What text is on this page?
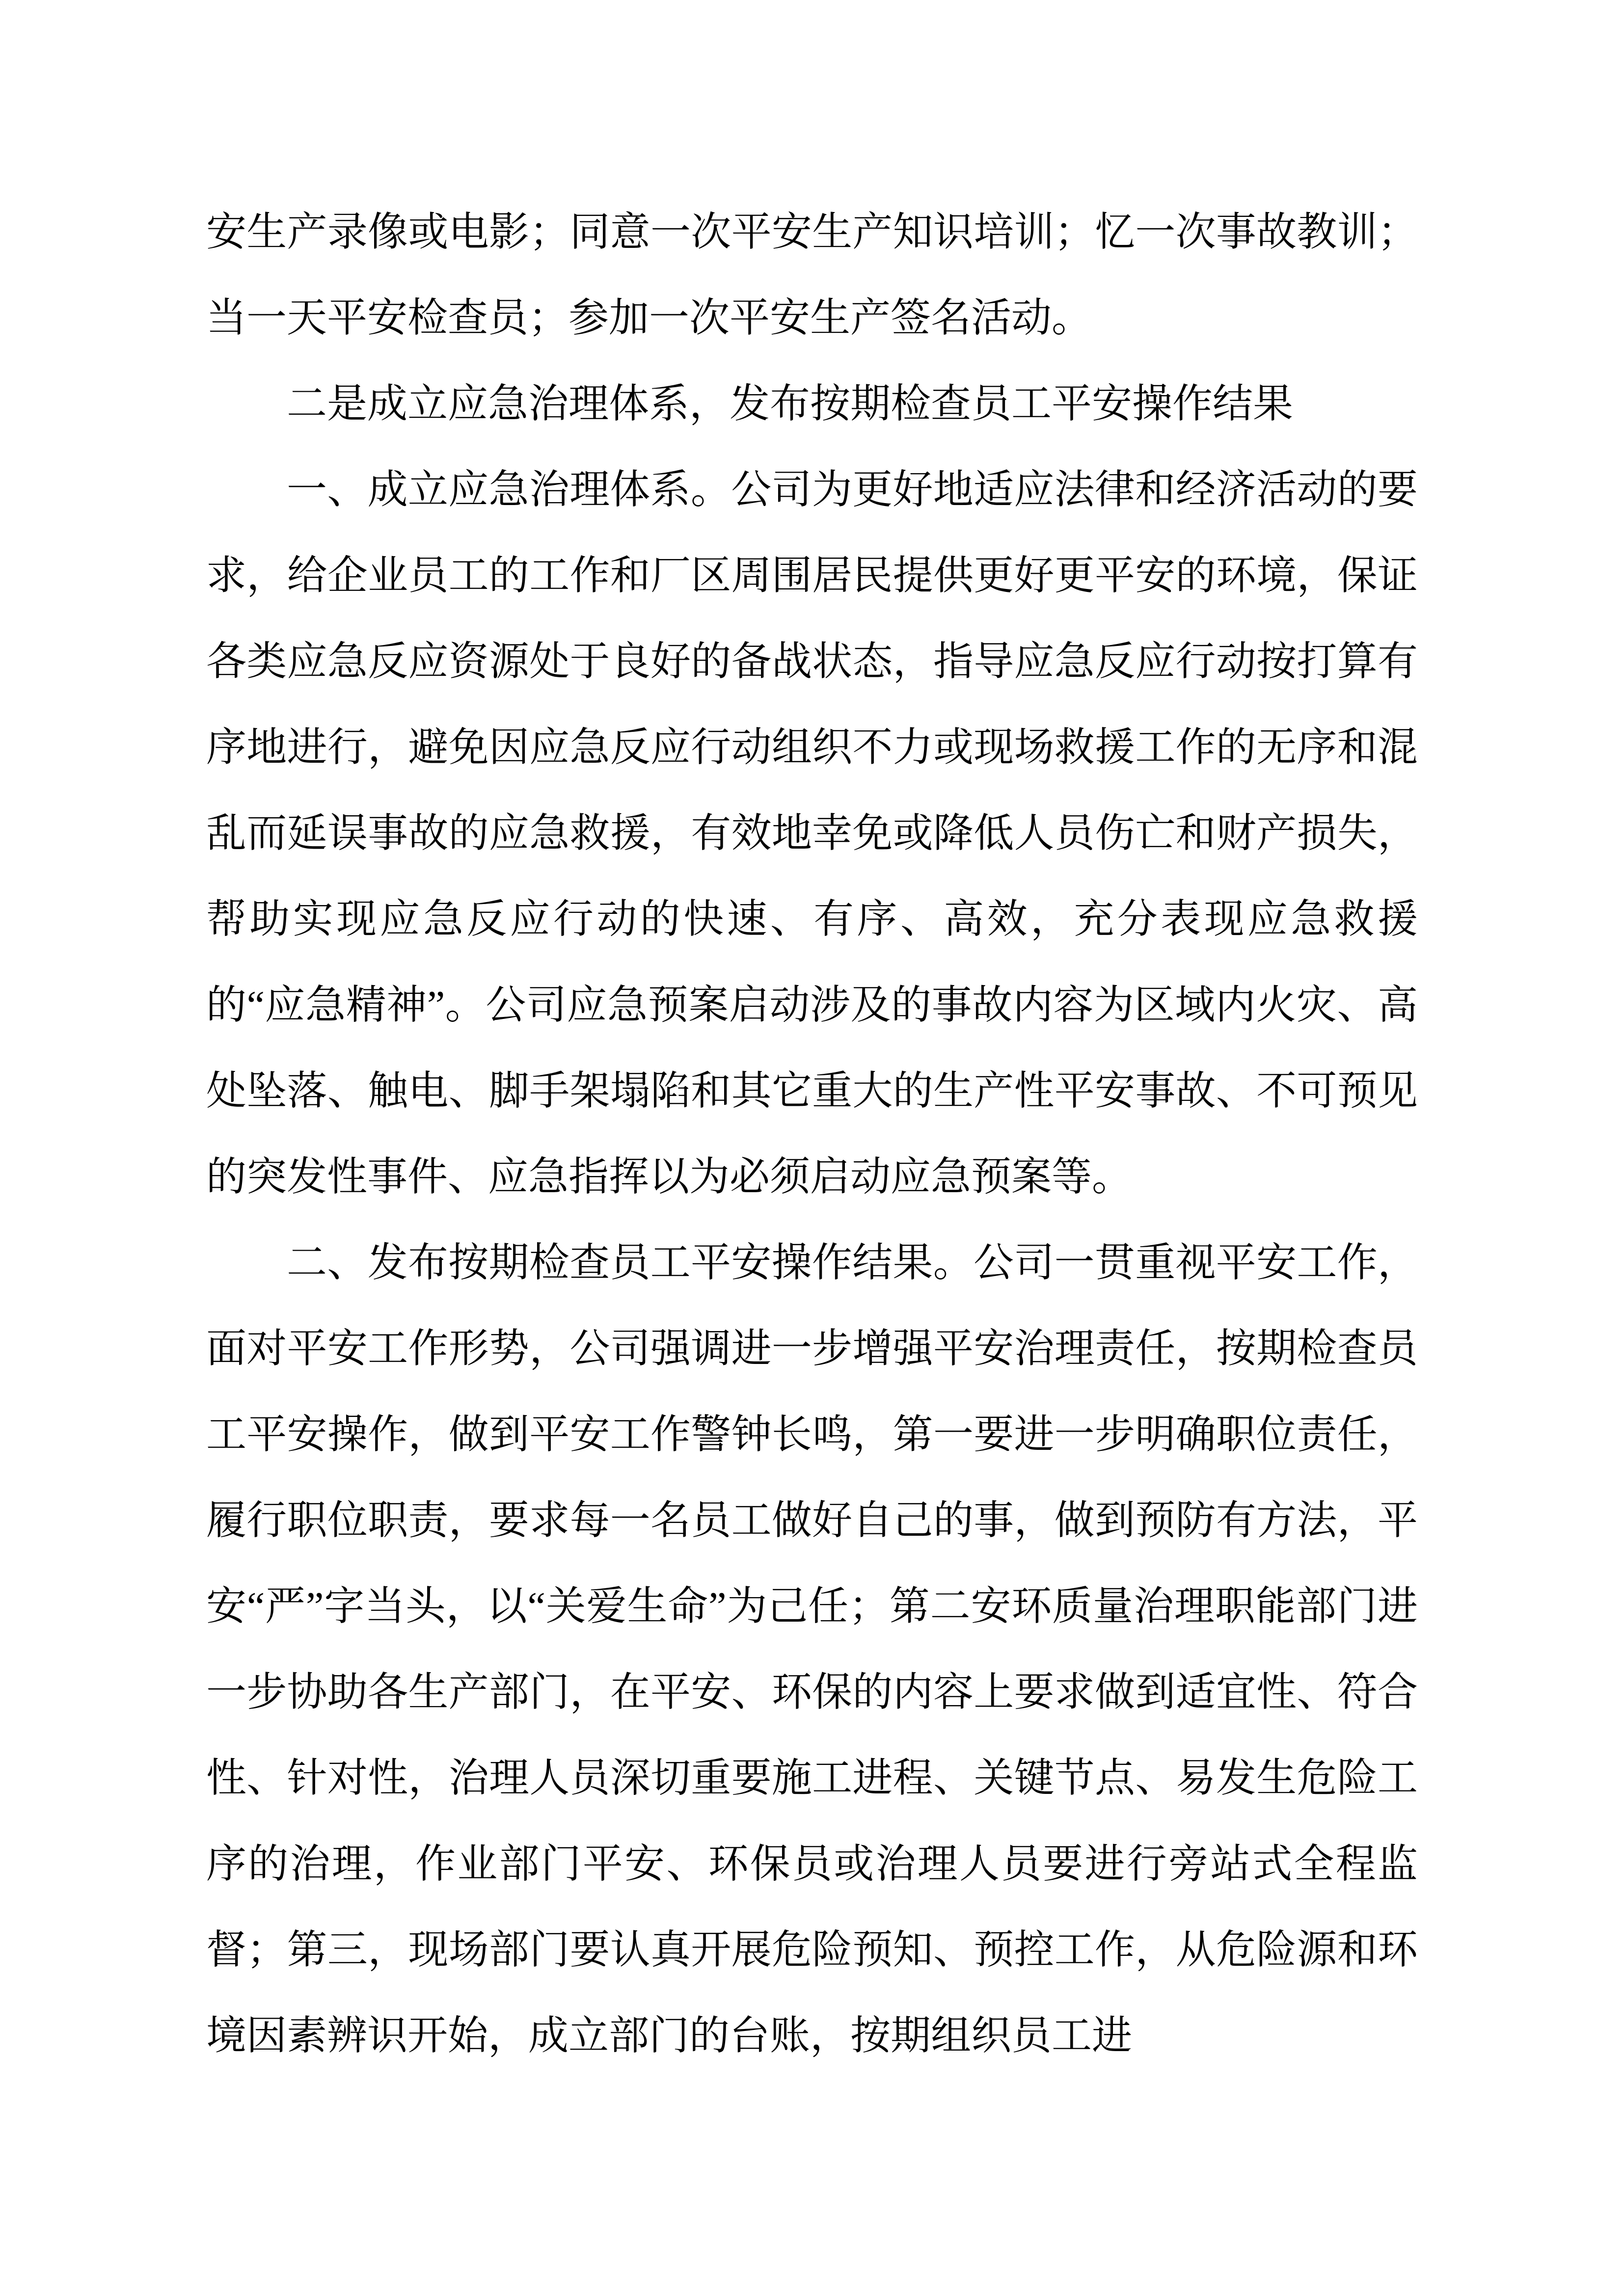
安生产录像或电影；同意一次平安生产知识培训；忆一次事故教训；当一天平安检查员；参加一次平安生产签名活动。

二是成立应急治理体系，发布按期检查员工平安操作结果

一、成立应急治理体系。公司为更好地适应法律和经济活动的要求，给企业员工的工作和厂区周围居民提供更好更平安的环境，保证各类应急反应资源处于良好的备战状态，指导应急反应行动按打算有序地进行，避免因应急反应行动组织不力或现场救援工作的无序和混乱而延误事故的应急救援，有效地幸免或降低人员伤亡和财产损失，帮助实现应急反应行动的快速、有序、高效，充分表现应急救援的“应急精神”。公司应急预案启动涉及的事故内容为区域内火灾、高处坠落、触电、脚手架塌陷和其它重大的生产性平安事故、不可预见的突发性事件、应急指挥以为必须启动应急预案等。

二、发布按期检查员工平安操作结果。公司一贯重视平安工作，面对平安工作形势，公司强调进一步增强平安治理责任，按期检查员工平安操作，做到平安工作警钟长鸣，第一要进一步明确职位责任，履行职位职责，要求每一名员工做好自己的事，做到预防有方法，平安“严”字当头，以“关爱生命”为己任；第二安环质量治理职能部门进一步协助各生产部门，在平安、环保的内容上要求做到适宜性、符合性、针对性，治理人员深切重要施工进程、关键节点、易发生危险工序的治理，作业部门平安、环保员或治理人员要进行旁站式全程监督；第三，现场部门要认真开展危险预知、预控工作，从危险源和环境因素辨识开始，成立部门的台账，按期组织员工进
